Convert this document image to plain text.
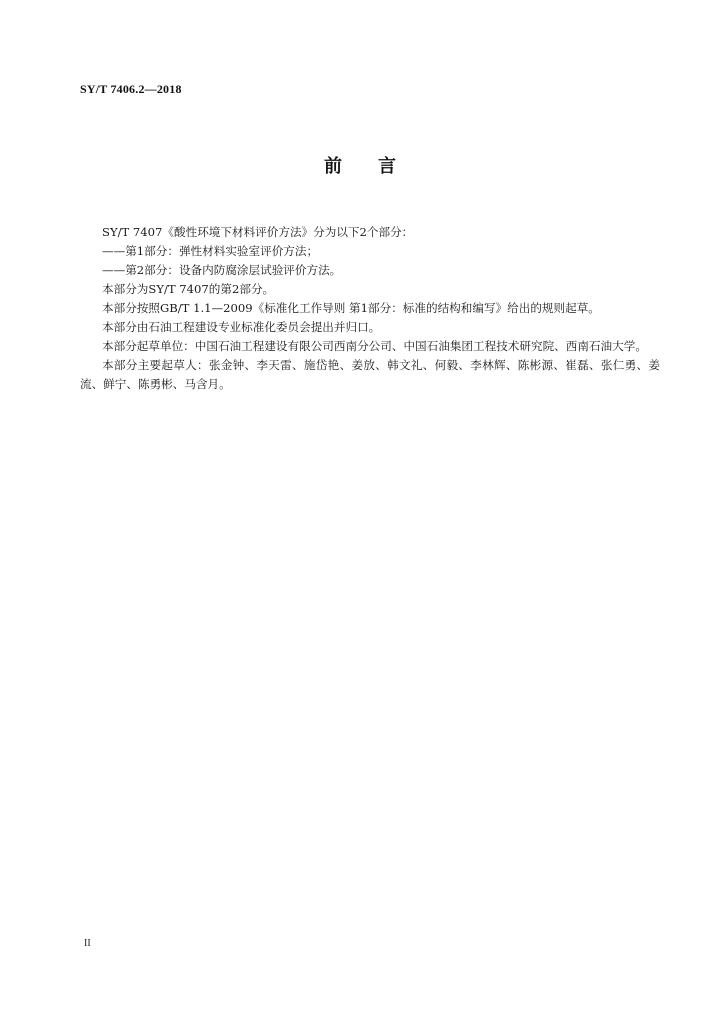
SY/T 7406.2—2018
前 言

SY/T 7407《酸性环境下材料评价方法》分为以下2个部分：

——第1部分：弹性材料实验室评价方法；

——第2部分：设备内防腐涂层试验评价方法。

本部分为SY/T 7407的第2部分。

本部分按照GB/T 1.1—2009《标准化工作导则 第1部分：标准的结构和编写》给出的规则起草。

本部分由石油工程建设专业标准化委员会提出并归口。

本部分起草单位：中国石油工程建设有限公司西南分公司、中国石油集团工程技术研究院、西南石油大学。

本部分主要起草人：张金钟、李天雷、施岱艳、姜放、韩文礼、何毅、李林辉、陈彬源、崔磊、张仁勇、姜流、鲜宁、陈勇彬、马含月。

II
